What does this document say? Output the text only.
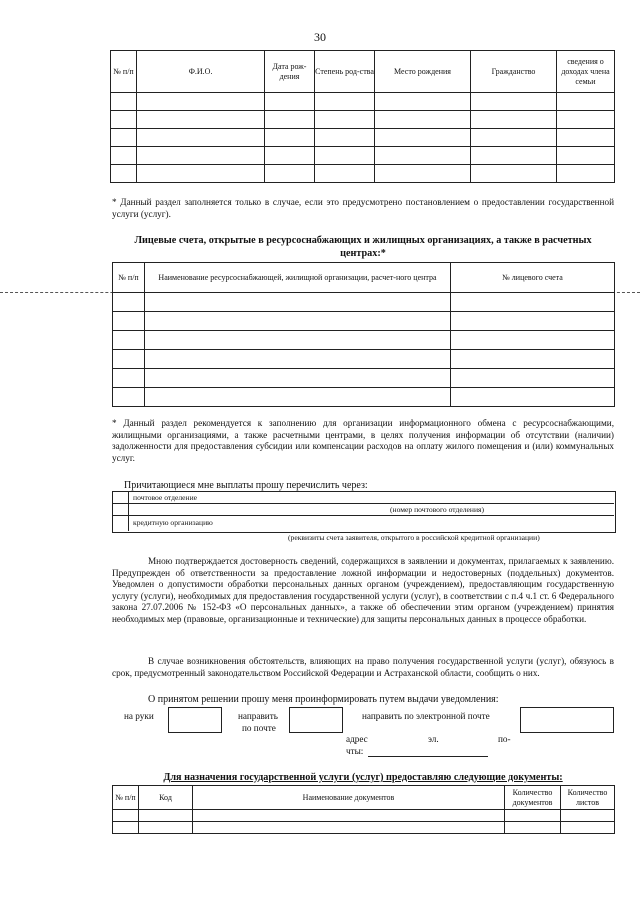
30
№ п/п	Ф.И.О.	Дата рож-дения	Степень род-ства	Место рождения	Гражданство	сведения о доходах члена семьи

* Данный раздел заполняется только в случае, если это предусмотрено постановлением о предоставлении государственной услуги (услуг).
Лицевые счета, открытые в ресурсоснабжающих и жилищных организациях, а также в расчетных центрах:*
№ п/п	Наименование ресурсоснабжающей, жилищной организации, расчет-ного центра	№ лицевого счета

* Данный раздел рекомендуется к заполнению для организации информационного обмена с ресурсоснабжающими, жилищными организациями, а также расчетными центрами, в целях получения информации об отсутствии (наличии) задолженности для предоставления субсидии или компенсации расходов на оплату жилого помещения и (или) коммунальных услуг.
Причитающиеся мне выплаты прошу перечислить через:
почтовое отделение
(номер почтового отделения)
кредитную организацию
(реквизиты счета заявителя, открытого в российской кредитной организации)
Мною подтверждается достоверность сведений, содержащихся в заявлении и документах, прилагаемых к заявлению. Предупрежден об ответственности за предоставление ложной информации и недостоверных (поддельных) документов. Уведомлен о допустимости обработки персональных данных органом (учреждением), предоставляющим государственную услугу (услуги), необходимых для предоставления государственной услуги (услуг), в соответствии с п.4 ч.1 ст. 6 Федерального закона 27.07.2006 № 152-ФЗ «О персональных данных», а также об обеспечении этим органом (учреждением) принятия необходимых мер (правовые, организационные и технические) для защиты персональных данных в процессе обработки.
В случае возникновения обстоятельств, влияющих на право получения государственной услуги (услуг), обязуюсь в срок, предусмотренный законодательством Российской Федерации и Астраханской области, сообщить о них.
О принятом решении прошу меня проинформировать путем выдачи уведомления:
на руки	направить
по почте
направить по электронной почте
адрес	эл.	по-
чты:
Для назначения государственной услуги (услуг) предоставляю следующие документы:
№ п/п	Код	Наименование документов	Количество документов	Количество листов
